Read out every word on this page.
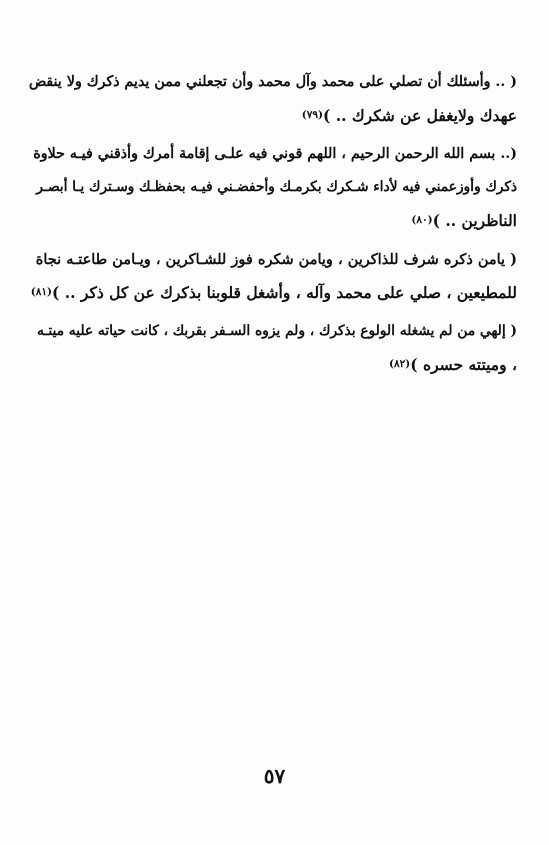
( .. وأسئلك أن تصلي على محمد وآل محمد وأن تجعلني ممن يديم ذكرك ولا ينقض
عهدك ولايغفل عن شكرك .. )(٧٩)

(.. بسم الله الرحمن الرحيم ، اللهم قوني فيه علـى إقامة أمرك وأذقني فيـه حلاوة
ذكرك وأوزعمني فيه لأداء شـكرك بكرمـك وأحفضـني فيـه بحفظـك وسـترك يـا أبصـر
الناظرين .. )(٨٠)

( يامن ذكره شرف للذاكرين ، ويامن شكره فوز للشـاكرين ، ويـامن طاعتـه نجاة
للمطيعين ، صلي على محمد وآله ، وأشغل قلوبنا بذكرك عن كل ذكر .. )(٨١)

( إلهي من لم يشغله الولوع بذكرك ، ولم يزوه السـفر بقربك ، كانت حياته عليه ميتـه
، وميتته حسره )(٨٢)

٥٧
